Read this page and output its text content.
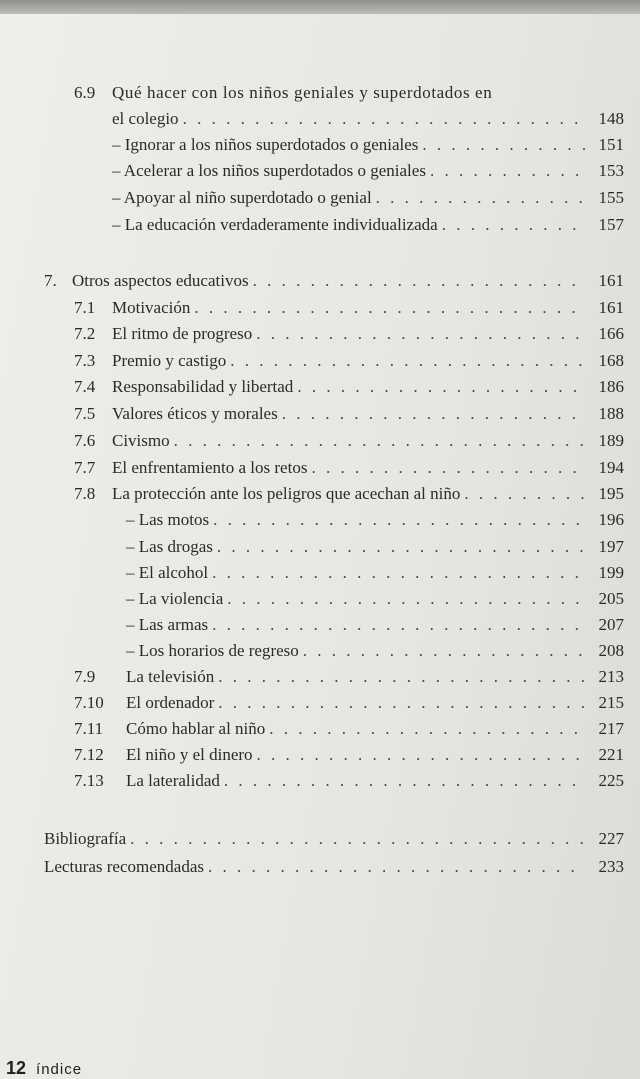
6.9 Qué hacer con los niños geniales y superdotados en
el colegio . . .	148
– Ignorar a los niños superdotados o geniales . . .	151
– Acelerar a los niños superdotados o geniales . . .	153
– Apoyar al niño superdotado o genial . . .	155
– La educación verdaderamente individualizada . . .	157
7. Otros aspectos educativos . . .	161
7.1 Motivación . . .	161
7.2 El ritmo de progreso . . .	166
7.3 Premio y castigo . . .	168
7.4 Responsabilidad y libertad . . .	186
7.5 Valores éticos y morales . . .	188
7.6 Civismo . . .	189
7.7 El enfrentamiento a los retos . . .	194
7.8 La protección ante los peligros que acechan al niño . . .	195
– Las motos . . .	196
– Las drogas . . .	197
– El alcohol . . .	199
– La violencia . . .	205
– Las armas . . .	207
– Los horarios de regreso . . .	208
7.9	La televisión . . .	213
7.10	El ordenador . . .	215
7.11	Cómo hablar al niño . . .	217
7.12	El niño y el dinero . . .	221
7.13	La lateralidad . . .	225
Bibliografía . . .	227
Lecturas recomendadas . . .	233
12 índice
